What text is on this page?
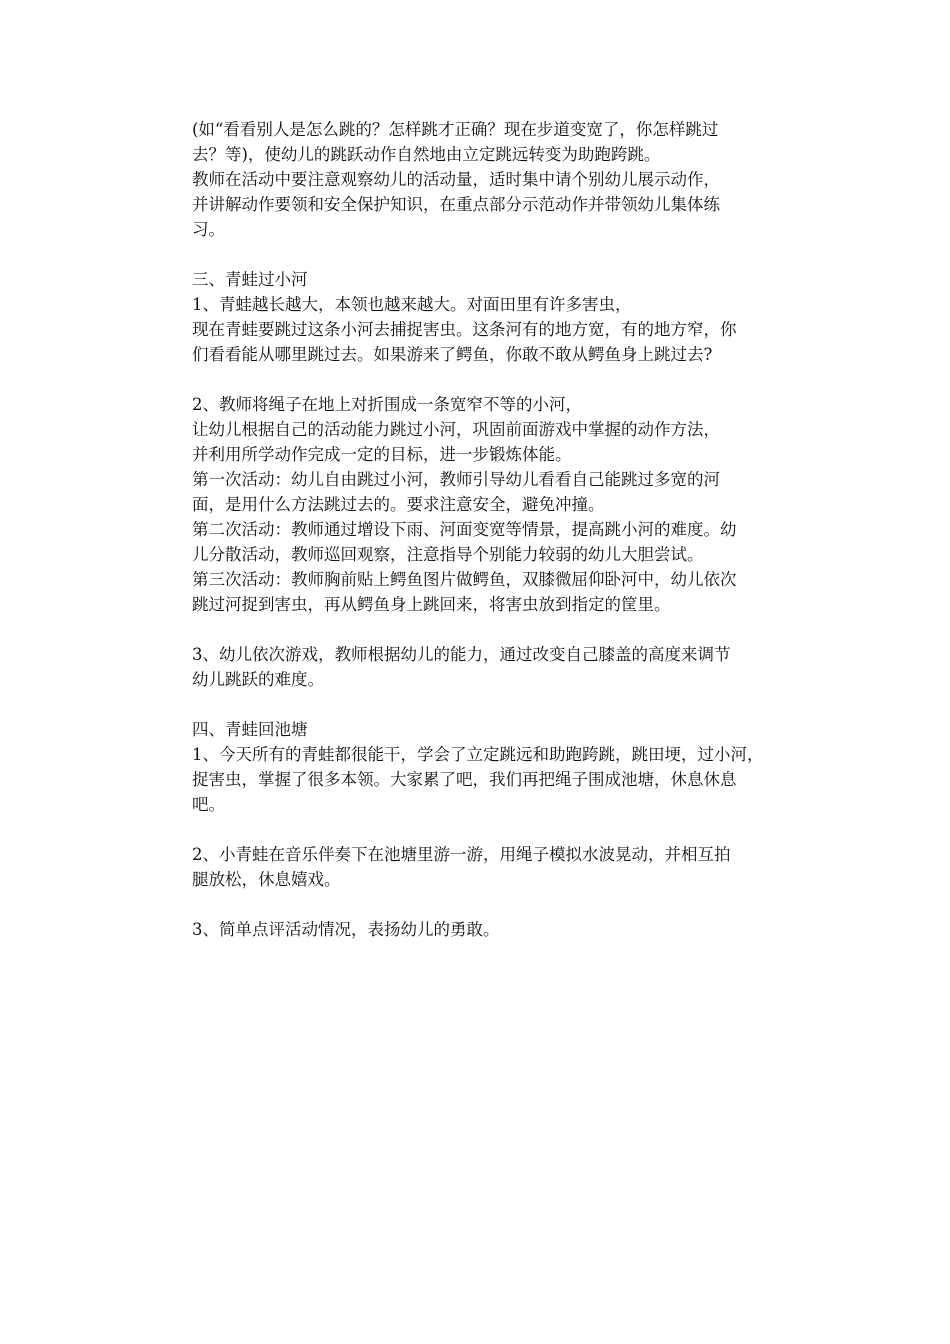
(如“看看别人是怎么跳的？怎样跳才正确？现在步道变宽了，你怎样跳过

去？等)，使幼儿的跳跃动作自然地由立定跳远转变为助跑跨跳。

教师在活动中要注意观察幼儿的活动量，适时集中请个别幼儿展示动作，

并讲解动作要领和安全保护知识，在重点部分示范动作并带领幼儿集体练

习。

三、青蛙过小河

1、青蛙越长越大，本领也越来越大。对面田里有许多害虫，

现在青蛙要跳过这条小河去捕捉害虫。这条河有的地方宽，有的地方窄，你

们看看能从哪里跳过去。如果游来了鳄鱼，你敢不敢从鳄鱼身上跳过去?

2、教师将绳子在地上对折围成一条宽窄不等的小河，

让幼儿根据自己的活动能力跳过小河，巩固前面游戏中掌握的动作方法，

并利用所学动作完成一定的目标，进一步锻炼体能。

第一次活动：幼儿自由跳过小河，教师引导幼儿看看自己能跳过多宽的河

面，是用什么方法跳过去的。要求注意安全，避免冲撞。

第二次活动：教师通过增设下雨、河面变宽等情景，提高跳小河的难度。幼

儿分散活动，教师巡回观察，注意指导个别能力较弱的幼儿大胆尝试。

第三次活动：教师胸前贴上鳄鱼图片做鳄鱼，双膝微屈仰卧河中，幼儿依次

跳过河捉到害虫，再从鳄鱼身上跳回来，将害虫放到指定的筐里。

3、幼儿依次游戏，教师根据幼儿的能力，通过改变自己膝盖的高度来调节

幼儿跳跃的难度。

四、青蛙回池塘

1、今天所有的青蛙都很能干，学会了立定跳远和助跑跨跳，跳田埂，过小河，

捉害虫，掌握了很多本领。大家累了吧，我们再把绳子围成池塘，休息休息

吧。

2、小青蛙在音乐伴奏下在池塘里游一游，用绳子模拟水波晃动，并相互拍

腿放松，休息嬉戏。

3、简单点评活动情况，表扬幼儿的勇敢。
